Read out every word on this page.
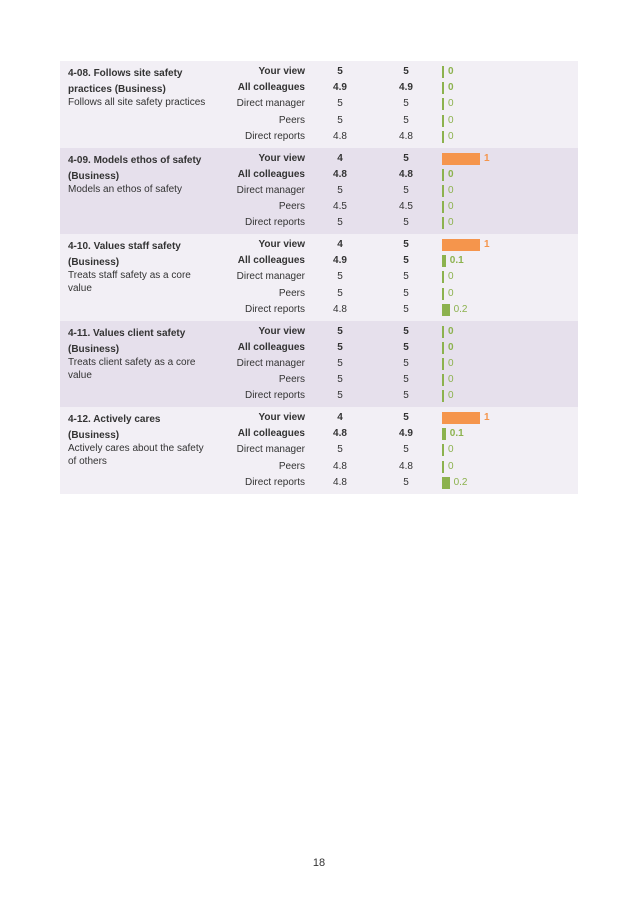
4-08. Follows site safety practices (Business)
Follows all site safety practices
Your view	5	5	0
All colleagues	4.9	4.9	0
Direct manager	5	5	0
Peers	5	5	0
Direct reports	4.8	4.8	0
4-09. Models ethos of safety (Business)
Models an ethos of safety
Your view	4	5	1
All colleagues	4.8	4.8	0
Direct manager	5	5	0
Peers	4.5	4.5	0
Direct reports	5	5	0
4-10. Values staff safety (Business)
Treats staff safety as a core value
Your view	4	5	1
All colleagues	4.9	5	0.1
Direct manager	5	5	0
Peers	5	5	0
Direct reports	4.8	5	0.2
4-11. Values client safety (Business)
Treats client safety as a core value
Your view	5	5	0
All colleagues	5	5	0
Direct manager	5	5	0
Peers	5	5	0
Direct reports	5	5	0
4-12. Actively cares (Business)
Actively cares about the safety of others
Your view	4	5	1
All colleagues	4.8	4.9	0.1
Direct manager	5	5	0
Peers	4.8	4.8	0
Direct reports	4.8	5	0.2
18
